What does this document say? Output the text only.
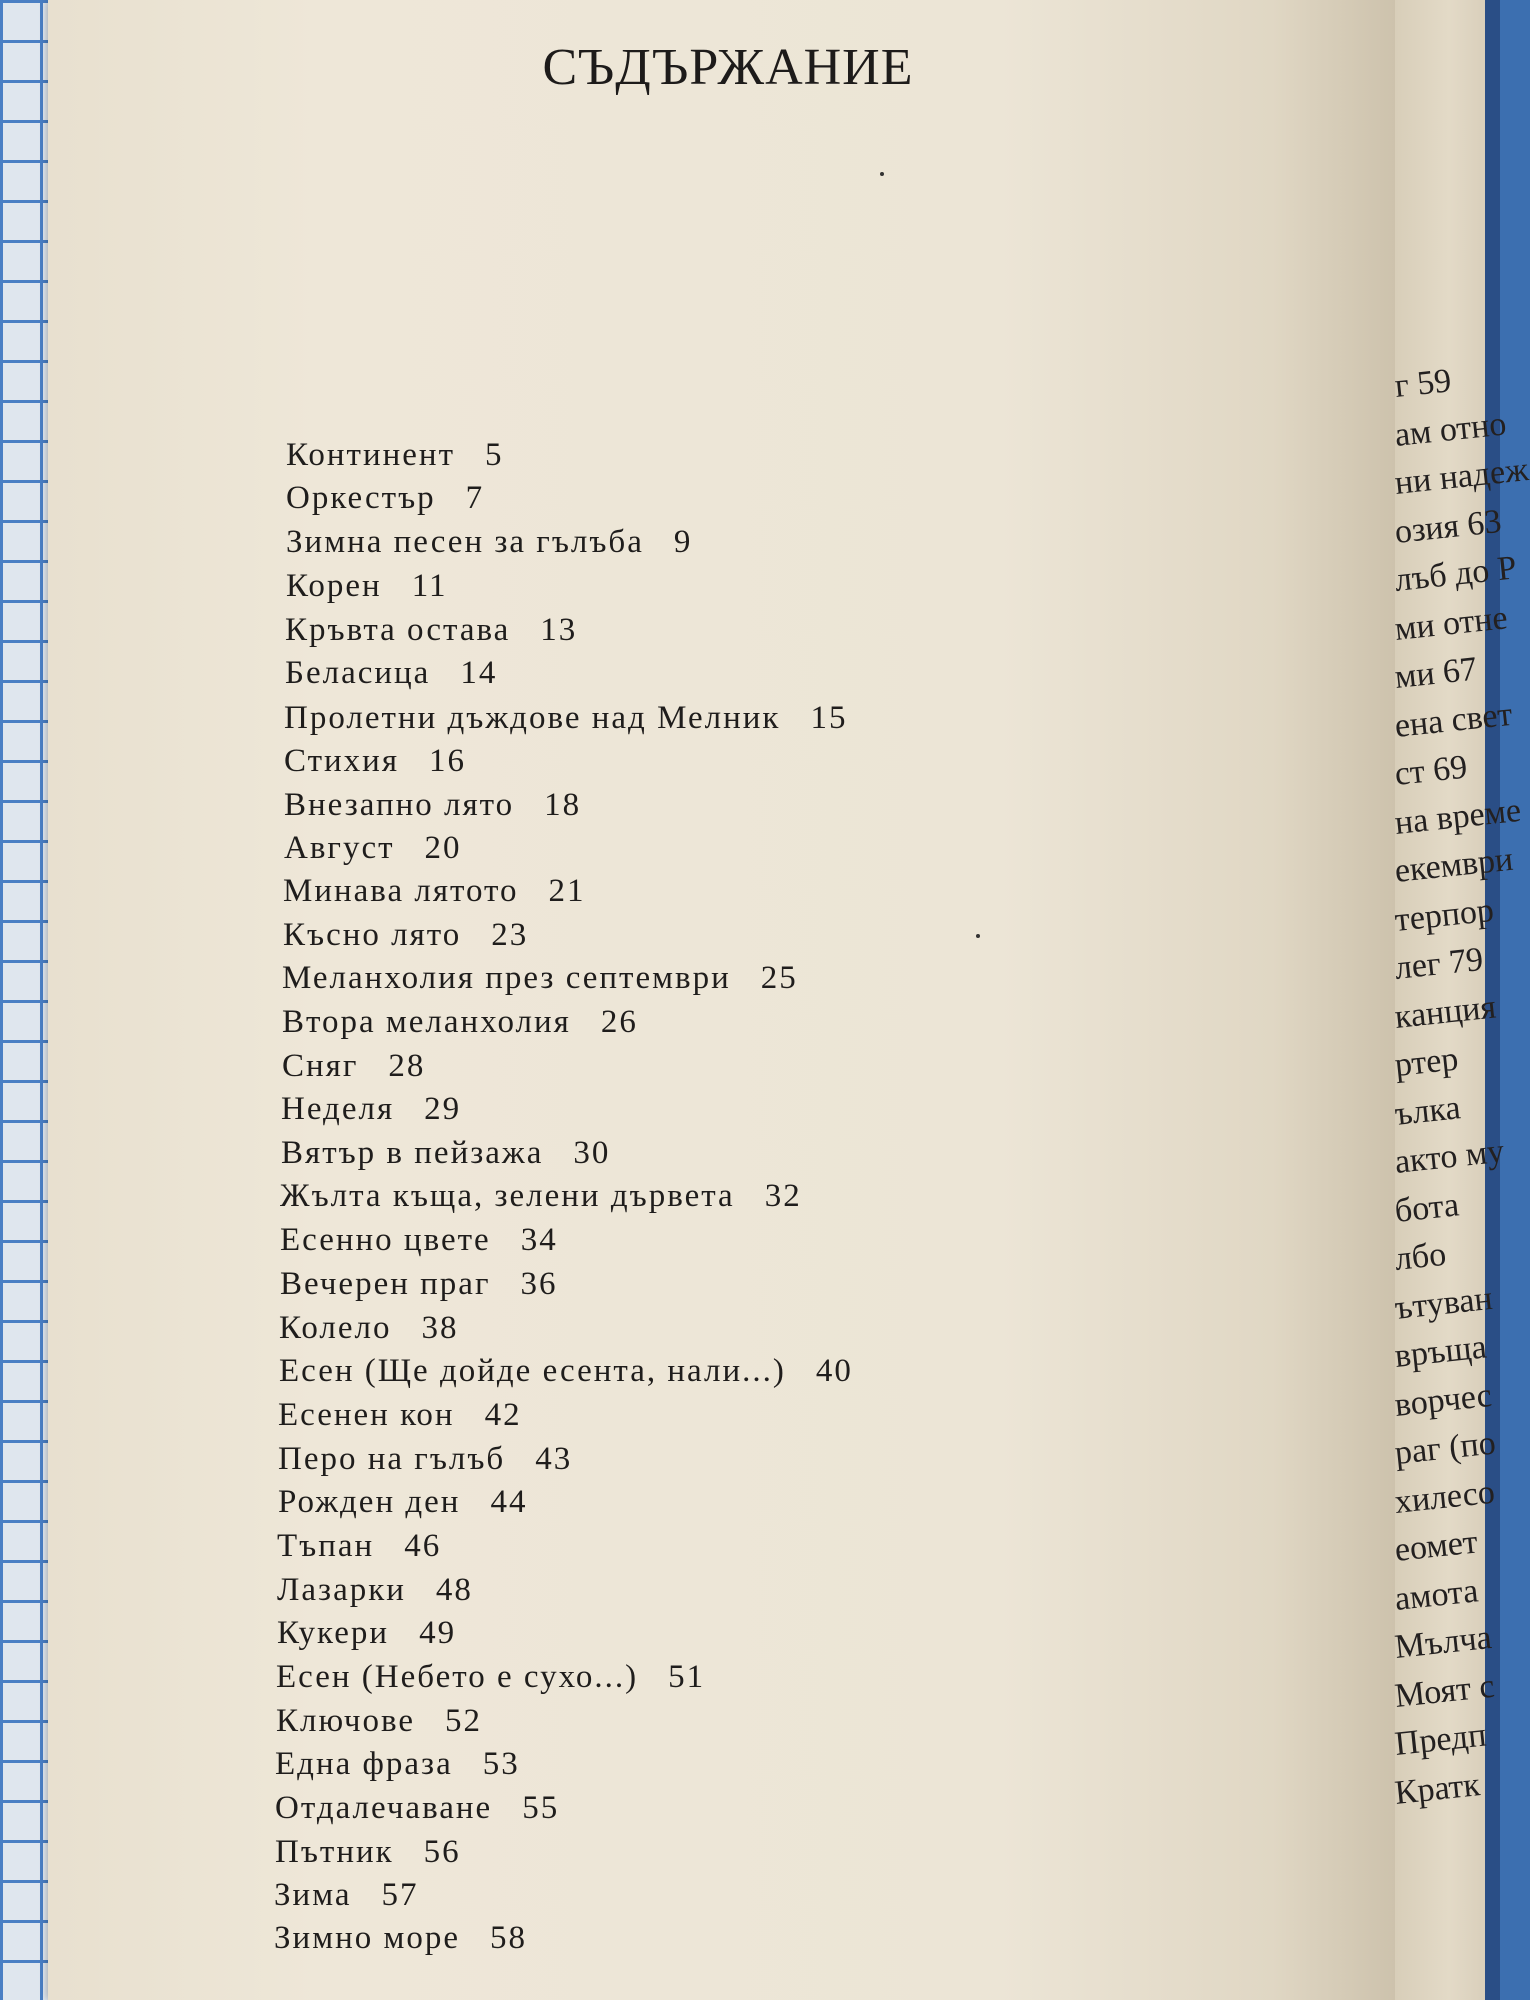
СЪДЪРЖАНИЕ
Континент 5
Оркестър 7
Зимна песен за гълъба 9
Корен 11
Кръвта остава 13
Беласица 14
Пролетни дъждове над Мелник 15
Стихия 16
Внезапно лято 18
Август 20
Минава лятото 21
Късно лято 23
Меланхолия през септември 25
Втора меланхолия 26
Сняг 28
Неделя 29
Вятър в пейзажа 30
Жълта къща, зелени дървета 32
Есенно цвете 34
Вечерен праг 36
Колело 38
Есен (Ще дойде есента, нали...) 40
Есенен кон 42
Перо на гълъб 43
Рожден ден 44
Тъпан 46
Лазарки 48
Кукери 49
Есен (Небето е сухо...) 51
Ключове 52
Една фраза 53
Отдалечаване 55
Пътник 56
Зима 57
Зимно море 58
г 59
ам отно
ни надеж
озия 63
лъб до Р
ми отне
ми 67
ена свет
ст 69
на време
екември
терпор
лег 79
канция
ртер
ълка
акто му
бота
лбо
ътуван
връща
ворчес
раг (по
хилесо
еомет
амота
Мълча
Моят с
Предп
Кратк
